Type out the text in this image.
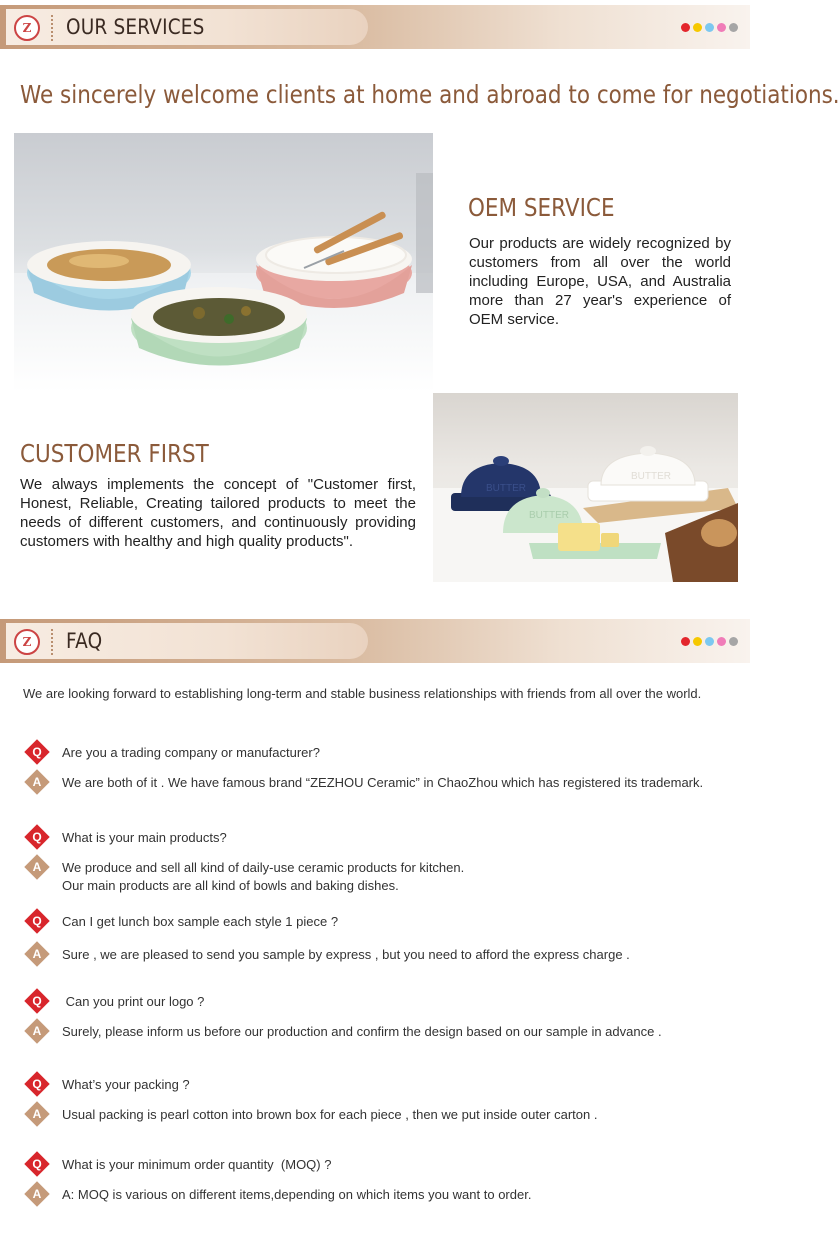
Z	OUR SERVICES
We sincerely welcome clients at home and abroad to come for negotiations.
OEM SERVICE
Our products are widely recognized by customers from all over the world including Europe, USA, and Australia more than 27 year's experience of OEM service.
CUSTOMER FIRST
We always implements the concept of "Customer first, Honest, Reliable, Creating tailored products to meet the needs of different customers, and continuously providing customers with healthy and high quality products".
BUTTER
BUTTER
BUTTER
Z	FAQ
We are looking forward to establishing long-term and stable business relationships with friends from all over the world.
Q	Are you a trading company or manufacturer?
A	We are both of it . We have famous brand “ZEZHOU Ceramic” in ChaoZhou which has registered its trademark.
Q	What is your main products?
A	We produce and sell all kind of daily-use ceramic products for kitchen.
Our main products are all kind of bowls and baking dishes.
Q	Can I get lunch box sample each style 1 piece ?
A	Sure , we are pleased to send you sample by express , but you need to afford the express charge .
Q	Can you print our logo ?
A	Surely, please inform us before our production and confirm the design based on our sample in advance .
Q	What’s your packing ?
A	Usual packing is pearl cotton into brown box for each piece , then we put inside outer carton .
Q	What is your minimum order quantity  (MOQ) ?
A	A: MOQ is various on different items,depending on which items you want to order.
